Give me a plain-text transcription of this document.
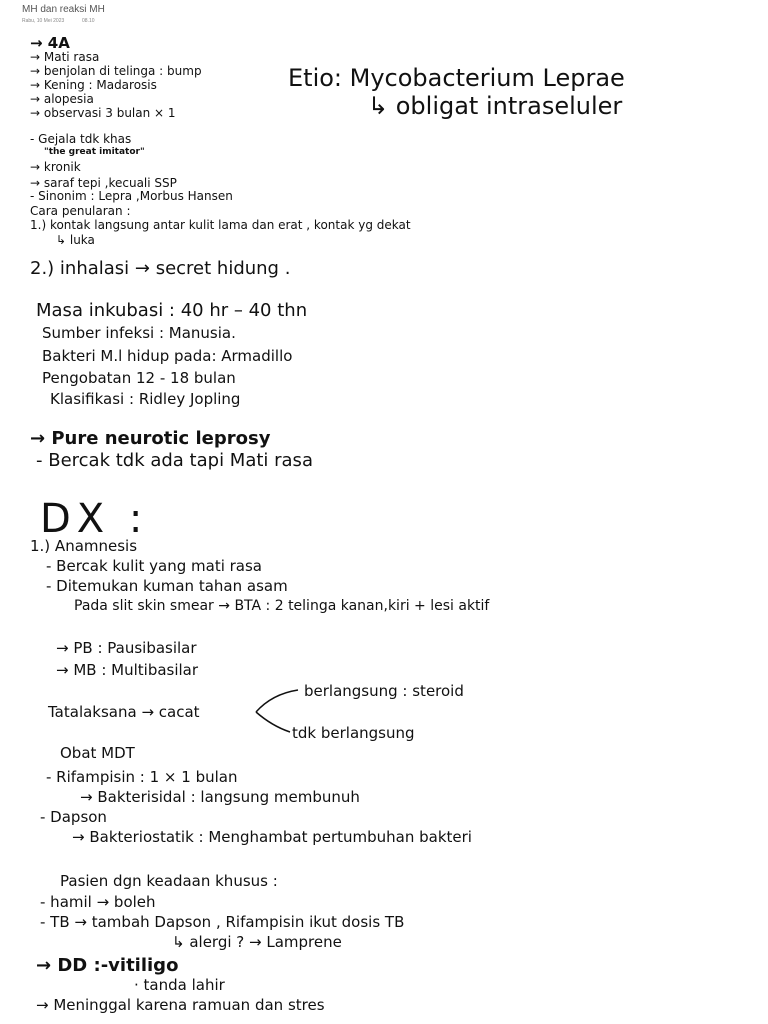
MH dan reaksi MH
Rabu, 10 Mei 2023	08.10
→ 4A
→ Mati rasa
→ benjolan di telinga : bump
→ Kening : Madarosis
→ alopesia
→ observasi 3 bulan × 1
Etio: Mycobacterium Leprae
↳ obligat intraseluler
- Gejala tdk khas
"the great imitator"
→ kronik
→ saraf tepi ,kecuali SSP
- Sinonim : Lepra ,Morbus Hansen
Cara penularan :
1.) kontak langsung antar kulit lama dan erat , kontak yg dekat
↳ luka
2.) inhalasi → secret hidung .
Masa inkubasi : 40 hr – 40 thn
Sumber infeksi : Manusia.
Bakteri M.l hidup pada: Armadillo
Pengobatan 12 - 18 bulan
Klasifikasi : Ridley Jopling
→ Pure neurotic leprosy
- Bercak tdk ada tapi Mati rasa
DX :
1.) Anamnesis
- Bercak kulit yang mati rasa
- Ditemukan kuman tahan asam
Pada slit skin smear → BTA : 2 telinga kanan,kiri + lesi aktif
→ PB : Pausibasilar
→ MB : Multibasilar
Tatalaksana → cacat
berlangsung : steroid
tdk berlangsung
Obat MDT
- Rifampisin : 1 × 1 bulan
→ Bakterisidal : langsung membunuh
- Dapson
→ Bakteriostatik : Menghambat pertumbuhan bakteri
Pasien dgn keadaan khusus :
- hamil → boleh
- TB → tambah Dapson , Rifampisin ikut dosis TB
↳ alergi ? → Lamprene
→ DD :-vitiligo
· tanda lahir
→ Meninggal karena ramuan dan stres
